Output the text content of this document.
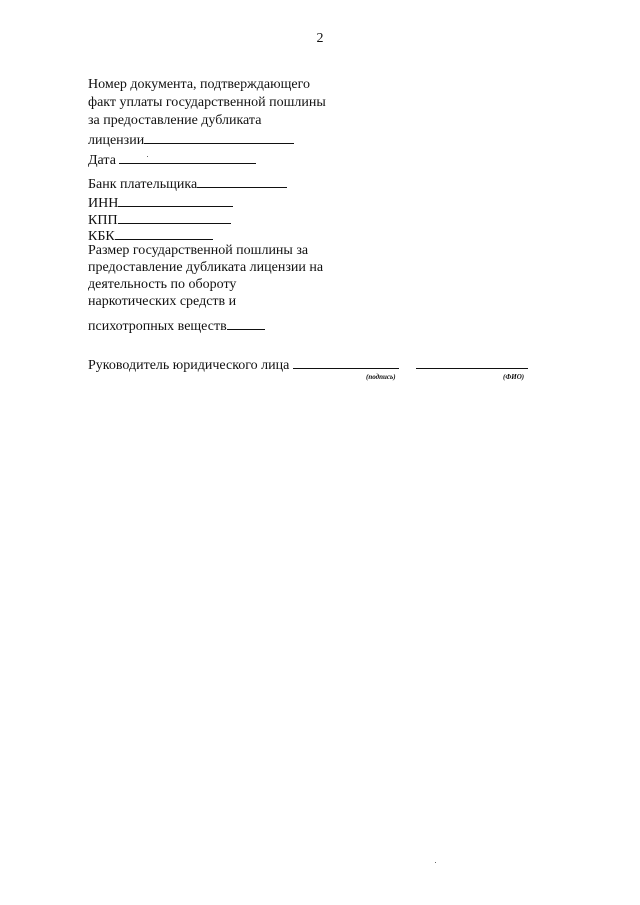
2
Номер документа, подтверждающего
факт уплаты государственной пошлины
за предоставление дубликата
лицензии
Дата
Банк плательщика
ИНН
КПП
КБК
Размер государственной пошлины за
предоставление дубликата лицензии на
деятельность по обороту
наркотических средств и
психотропных веществ
Руководитель юридического лица
(подпись)	(ФИО)
